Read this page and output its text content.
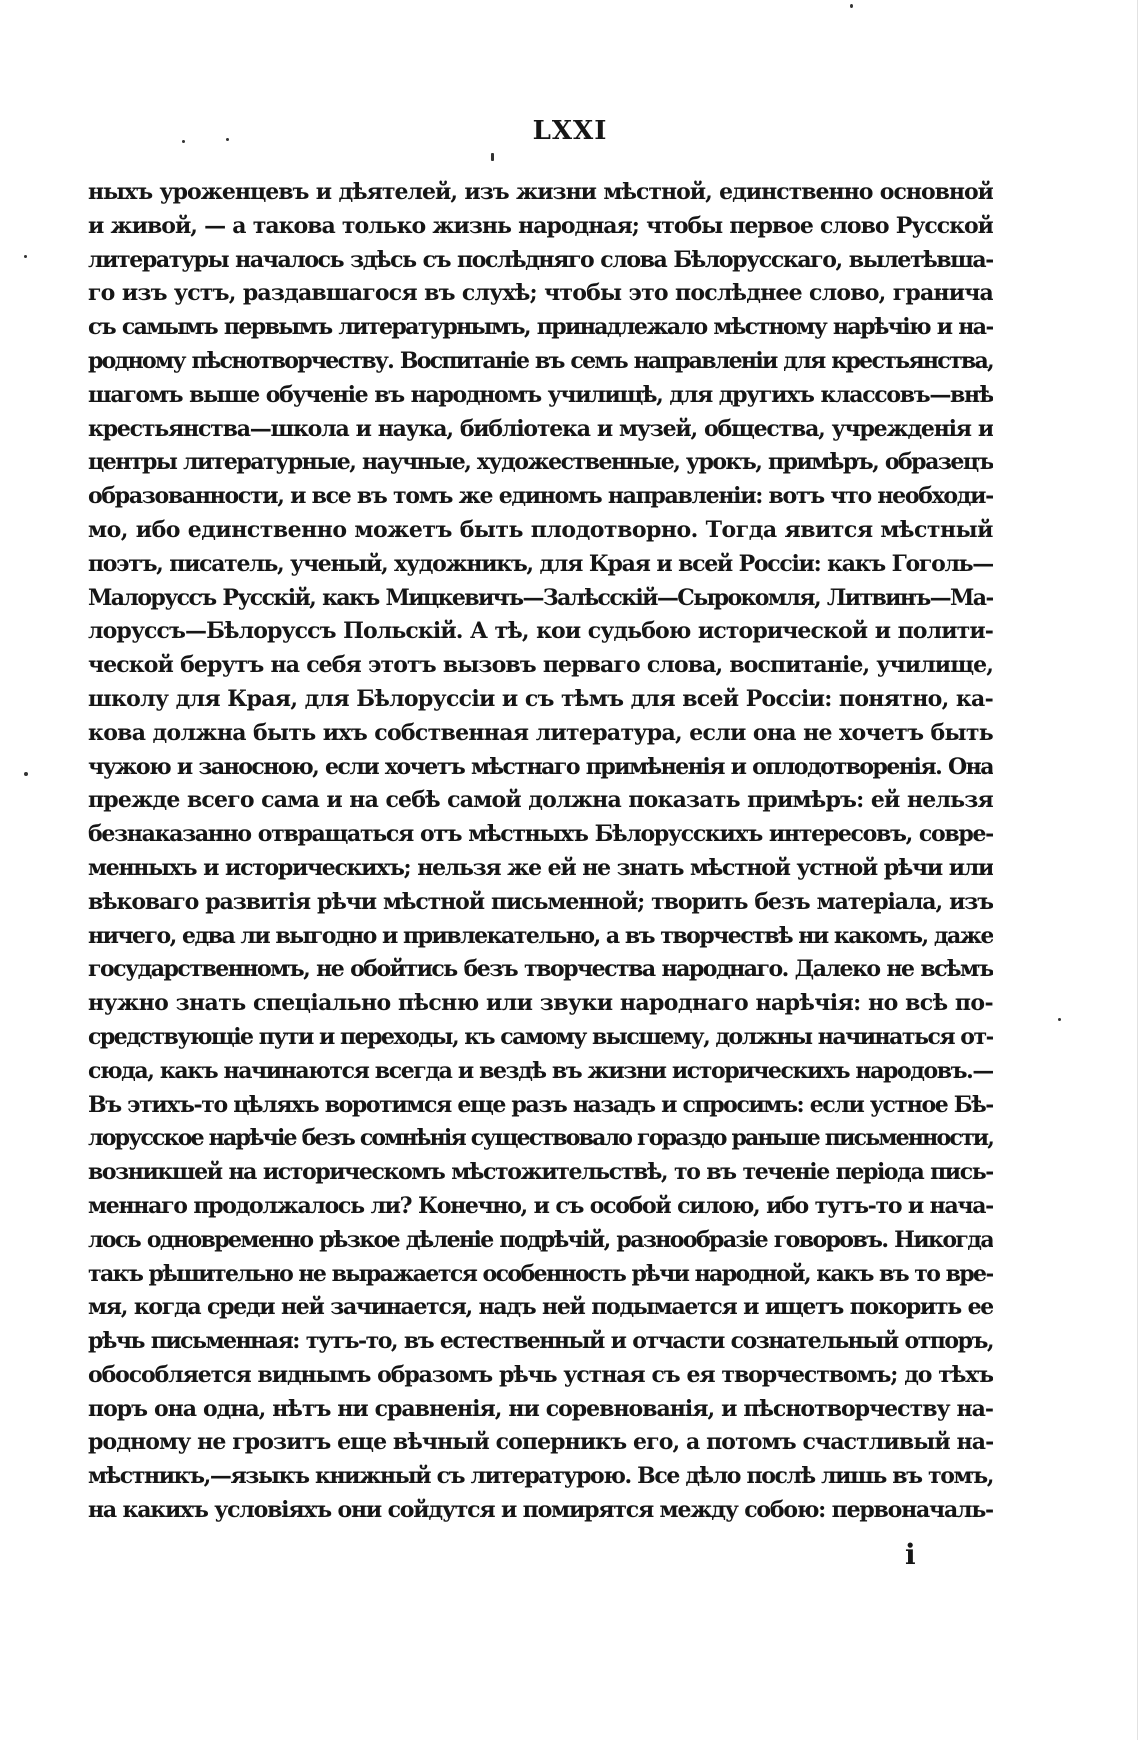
LXXI
ныхъ уроженцевъ и дѣятелей, изъ жизни мѣстной, единственно основной
и живой, — а такова только жизнь народная; чтобы первое слово Русской
литературы началось здѣсь съ послѣдняго слова Бѣлорусскаго, вылетѣвша-
го изъ устъ, раздавшагося въ слухѣ; чтобы это послѣднее слово, гранича
съ самымъ первымъ литературнымъ, принадлежало мѣстному нарѣчію и на-
родному пѣснотворчеству. Воспитаніе въ семъ направленіи для крестьянства,
шагомъ выше обученіе въ народномъ училищѣ, для другихъ классовъ—внѣ
крестьянства—школа и наука, библіотека и музей, общества, учрежденія и
центры литературные, научные, художественные, урокъ, примѣръ, образецъ
образованности, и все въ томъ же единомъ направленіи: вотъ что необходи-
мо, ибо единственно можетъ быть плодотворно. Тогда явится мѣстный
поэтъ, писатель, ученый, художникъ, для Края и всей Россіи: какъ Гоголь—
Малоруссъ Русскій, какъ Мицкевичъ—Залѣсскій—Сырокомля, Литвинъ—Ма-
лоруссъ—Бѣлоруссъ Польскій. А тѣ, кои судьбою исторической и полити-
ческой берутъ на себя этотъ вызовъ перваго слова, воспитаніе, училище,
школу для Края, для Бѣлоруссіи и съ тѣмъ для всей Россіи: понятно, ка-
кова должна быть ихъ собственная литература, если она не хочетъ быть
чужою и заносною, если хочетъ мѣстнаго примѣненія и оплодотворенія. Она
прежде всего сама и на себѣ самой должна показать примѣръ: ей нельзя
безнаказанно отвращаться отъ мѣстныхъ Бѣлорусскихъ интересовъ, совре-
менныхъ и историческихъ; нельзя же ей не знать мѣстной устной рѣчи или
вѣковаго развитія рѣчи мѣстной письменной; творить безъ матеріала, изъ
ничего, едва ли выгодно и привлекательно, а въ творчествѣ ни какомъ, даже
государственномъ, не обойтись безъ творчества народнаго. Далеко не всѣмъ
нужно знать спеціально пѣсню или звуки народнаго нарѣчія: но всѣ по-
средствующіе пути и переходы, къ самому высшему, должны начинаться от-
сюда, какъ начинаются всегда и вездѣ въ жизни историческихъ народовъ.—
Въ этихъ-то цѣляхъ воротимся еще разъ назадъ и спросимъ: если устное Бѣ-
лорусское нарѣчіе безъ сомнѣнія существовало гораздо раньше письменности,
возникшей на историческомъ мѣстожительствѣ, то въ теченіе періода пись-
меннаго продолжалось ли? Конечно, и съ особой силою, ибо тутъ-то и нача-
лось одновременно рѣзкое дѣленіе подрѣчій, разнообразіе говоровъ. Никогда
такъ рѣшительно не выражается особенность рѣчи народной, какъ въ то вре-
мя, когда среди ней зачинается, надъ ней подымается и ищетъ покорить ее
рѣчь письменная: тутъ-то, въ естественный и отчасти сознательный отпоръ,
обособляется виднымъ образомъ рѣчь устная съ ея творчествомъ; до тѣхъ
поръ она одна, нѣтъ ни сравненія, ни соревнованія, и пѣснотворчеству на-
родному не грозитъ еще вѣчный соперникъ его, а потомъ счастливый на-
мѣстникъ,—языкъ книжный съ литературою. Все дѣло послѣ лишь въ томъ,
на какихъ условіяхъ они сойдутся и помирятся между собою: первоначаль-
i
